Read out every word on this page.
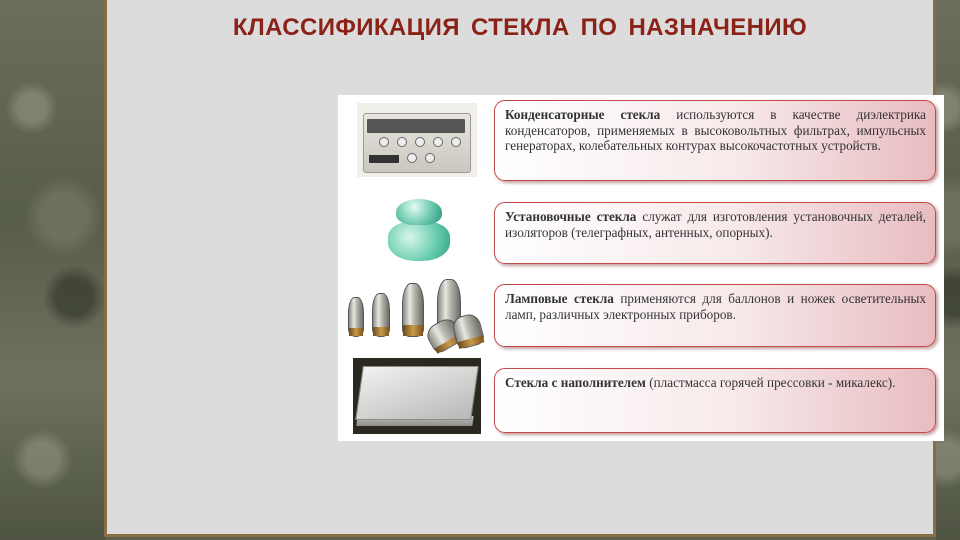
КЛАССИФИКАЦИЯ СТЕКЛА ПО НАЗНАЧЕНИЮ
Конденсаторные стекла используются в качестве диэлектрика конденсаторов, применяемых в высоковольтных фильтрах, импульсных генераторах, колебательных контурах высокочастотных устройств.
Установочные стекла служат для изготовления установочных деталей, изоляторов (телеграфных, антенных, опорных).
Ламповые стекла применяются для баллонов и ножек осветительных ламп, различных электронных приборов.
Стекла с наполнителем (пластмасса горячей прессовки - микалекс).
